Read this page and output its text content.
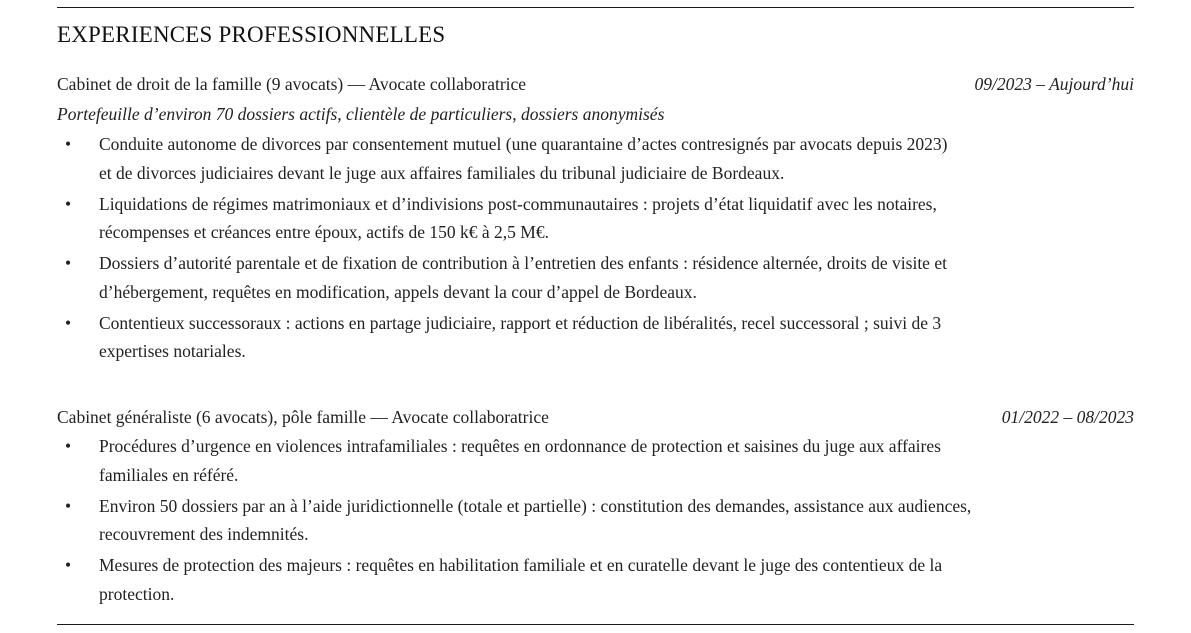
EXPERIENCES PROFESSIONNELLES
Cabinet de droit de la famille (9 avocats) — Avocate collaboratrice	09/2023 – Aujourd’hui
Portefeuille d’environ 70 dossiers actifs, clientèle de particuliers, dossiers anonymisés
• Conduite autonome de divorces par consentement mutuel (une quarantaine d’actes contresignés par avocats depuis 2023) et de divorces judiciaires devant le juge aux affaires familiales du tribunal judiciaire de Bordeaux.
• Liquidations de régimes matrimoniaux et d’indivisions post-communautaires : projets d’état liquidatif avec les notaires, récompenses et créances entre époux, actifs de 150 k€ à 2,5 M€.
• Dossiers d’autorité parentale et de fixation de contribution à l’entretien des enfants : résidence alternée, droits de visite et d’hébergement, requêtes en modification, appels devant la cour d’appel de Bordeaux.
• Contentieux successoraux : actions en partage judiciaire, rapport et réduction de libéralités, recel successoral ; suivi de 3 expertises notariales.
Cabinet généraliste (6 avocats), pôle famille — Avocate collaboratrice	01/2022 – 08/2023
• Procédures d’urgence en violences intrafamiliales : requêtes en ordonnance de protection et saisines du juge aux affaires familiales en référé.
• Environ 50 dossiers par an à l’aide juridictionnelle (totale et partielle) : constitution des demandes, assistance aux audiences, recouvrement des indemnités.
• Mesures de protection des majeurs : requêtes en habilitation familiale et en curatelle devant le juge des contentieux de la protection.
